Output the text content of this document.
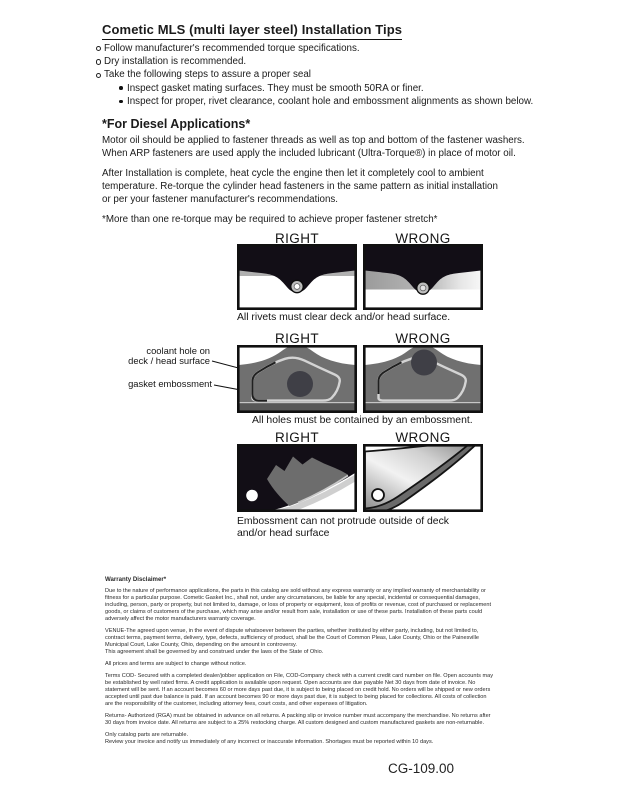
Cometic MLS (multi layer steel) Installation Tips
Follow manufacturer's recommended torque specifications.
Dry installation is recommended.
Take the following steps to assure a proper seal
Inspect gasket mating surfaces. They must be smooth 50RA or finer.
Inspect for proper, rivet clearance, coolant hole and embossment alignments as shown below.
*For Diesel Applications*
Motor oil should be applied to fastener threads as well as top and bottom of the fastener washers.
When ARP fasteners are used apply the included lubricant (Ultra-Torque®) in place of motor oil.
After Installation is complete, heat cycle the engine then let it completely cool to ambient
temperature. Re-torque the cylinder head fasteners in the same pattern as initial installation
or per your fastener manufacturer's recommendations.
*More than one re-torque may be required to achieve proper fastener stretch*
RIGHT	WRONG
All rivets must clear deck and/or head surface.
RIGHT	WRONG
coolant hole on
deck / head surface
gasket embossment
All holes must be contained by an embossment.
RIGHT	WRONG
Embossment can not protrude outside of deck
and/or head surface
Warranty Disclaimer*
Due to the nature of performance applications, the parts in this catalog are sold without any express warranty or any implied warranty of merchantability or
fitness for a particular purpose. Cometic Gasket Inc., shall not, under any circumstances, be liable for any special, incidental or consequential damages,
including, person, party or property, but not limited to, damage, or loss of property or equipment, loss of profits or revenue, cost of purchased or replacement
goods, or claims of customers of the purchase, which may arise and/or result from sale, installation or use of these parts. Installation of these parts could
adversely affect the motor manufacturers warranty coverage.
VENUE-The agreed upon venue, in the event of dispute whatsoever between the parties, whether instituted by either party, including, but not limited to,
contract terms, payment terms, delivery, type, defects, sufficiency of product, shall be the Court of Common Pleas, Lake County, Ohio or the Painesville
Municipal Court, Lake County, Ohio, depending on the amount in controversy.
This agreement shall be governed by and construed under the laws of the State of Ohio.
All prices and terms are subject to change without notice.
Terms COD- Secured with a completed dealer/jobber application on File, COD-Company check with a current credit card number on file. Open accounts may
be established by well rated firms. A credit application is available upon request. Open accounts are due payable Net 30 days from date of invoice. No
statement will be sent. If an account becomes 60 or more days past due, it is subject to being placed on credit hold. No orders will be shipped or new orders
accepted until past due balance is paid. If an account becomes 90 or more days past due, it is subject to being placed for collections. All costs of collection
are the responsibility of the customer, including attorney fees, court costs, and other expenses of litigation.
Returns- Authorized (RGA) must be obtained in advance on all returns. A packing slip or invoice number must accompany the merchandise. No returns after
30 days from invoice date. All returns are subject to a 25% restocking charge. All custom designed and custom manufactured gaskets are non-returnable.
Only catalog parts are returnable.
Review your invoice and notify us immediately of any incorrect or inaccurate information. Shortages must be reported within 10 days.
CG-109.00
